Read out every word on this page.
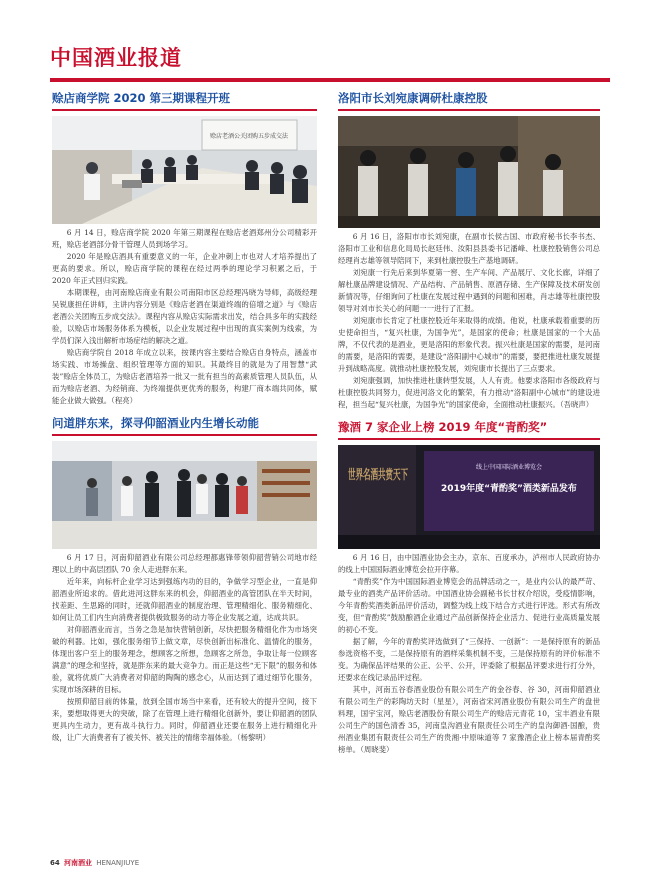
中国酒业报道
赊店商学院 2020 第三期课程开班
赊店老酒公关团购五步成交法

6 月 14 日，赊店商学院 2020 年第三期课程在赊店老酒郑州分公司精彩开班，赊店老酒部分骨干管理人员到场学习。

2020 年是赊店酒具有重要意义的一年，企业冲刺上市也对人才培养提出了更高的要求。所以，赊店商学院的课程在经过两季的理论学习积累之后，于 2020 年正式回归实践。

本期课程，由河南赊店商业有限公司南阳市区总经理冯晓为导师，高级经理吴锐康担任讲师，主讲内容分别是《赊店老酒在渠道终端的倍增之道》与《赊店老酒公关团购五步成交法》。课程内容从赊店实际需求出发，结合具多年的实践经验，以赊店市场服务体系为模板，以企业发展过程中出现的真实案例为线索，为学员们深入浅出解析市场症结的解决之道。

赊店商学院自 2018 年成立以来，按课内容主要结合赊店自身特点，涵盖市场实践、市场操盘、组织管理等方面的知识。其最终目的就是为了用智慧“武装”赊店全体员工，为赊店老酒培养一批又一批有担当的高素质管理人员队伍，从而为赊店老酒、为经销商、为终端提供更优秀的服务，构建厂商本端共同体，赋能企业做大做强。（程亮）

问道胖东来，探寻仰韶酒业内生增长动能

6 月 17 日，河南仰韶酒业有限公司总经理都惠锋带领仰韶营销公司地市经理以上的中高层团队 70 余人走进胖东来。

近年来，向标杆企业学习达到强练内功的目的，争做学习型企业，一直是仰韶酒业所追求的。借此进河这胖东来的机会，仰韶酒业的高管团队在半天时间，找差距、生思路的同时，还就仰韶酒业的制度治理、管理精细化、服务精细化、如何让员工们内生向消费者提供极致服务的动力等企业发展之道，达成共识。

对仰韶酒业而言，当务之急是加快营销创新，尽快把服务精细化作为市场突破的利器。比如，强化服务细节上做文章，尽快创新出标准化、温情化的服务，体现出客户至上的服务理念，想顾客之所想，急顾客之所急，争取让每一位顾客满意”的理念和坚持，就是胖东来的最大竞争力。而正是这些“无下限”的服务和体验，就将优质广大消费者对仰韶的陶陶的感念心，从而达到了通过细节化服务，实现市场深耕的目标。

按照仰韶目前的体量，放到全国市场当中来看，还有较大的提升空间，接下来，要想取得更大的突破，除了在管理上进行精细化创新外，要让仰韶酒的团队更具内生动力，更有战斗执行力。同时，仰韶酒业还要在服务上进行精细化升级，让广大消费者有了被关怀、被关注的情绪幸福体验。（杨黎明）

洛阳市长刘宛康调研杜康控股

6 月 16 日，洛阳市市长刘宛康，在副市长侯古国、市政府秘书长李书杰、洛阳市工业和信息化局局长赵廷伟、汝阳县县委书记潘峰、杜康控股销售公司总经理肖志雄等领导陪同下，来到杜康控股生产基地调研。

刘宛康一行先后来到华夏第一窖、生产车间、产品展厅、文化长廊，详细了解杜康品牌建设情况、产品结构、产品销售、原酒存储、生产保障及技术研发创新情况等，仔细询问了杜康在发展过程中遇到的问题和困难，肖志雄等杜康控股领导对刘市长关心的问题一一进行了汇报。

刘宛康市长肯定了杜康控股近年来取得的成绩。他说，杜康承载着重要的历史使命担当，“复兴杜康，为国争光”，是国家的使命；杜康是国家的一个大品牌，不仅代表的是酒业，更是洛阳的形象代表。振兴杜康是国家的需要，是河南的需要，是洛阳的需要，是建设“洛阳副中心城市”的需要，要把推进杜康发展提升到战略高度。就推动杜康控股发展，刘宛康市长提出了三点要求。

刘宛康强调，加快推进杜康转型发展，人人有责。他要求洛阳市各级政府与杜康控股共同努力，促进河洛文化的繁荣，有力推动“洛阳副中心城市”的建设进程，担当起“复兴杜康，为国争光”的国家使命，全面推动杜康振兴。（吾晓声）

豫酒 7 家企业上榜 2019 年度“青酌奖”
世界名酒共赏天下
线上中国国际酒业博览会
2019年度“青酌奖”酒类新品发布

6 月 16 日，由中国酒业协会主办，京东、百度承办，泸州市人民政府协办的线上中国国际酒业博览会拉开序幕。

“青酌奖”作为中国国际酒业博览会的品牌活动之一，是业内公认的最严苛、最专业的酒类产品评价活动。中国酒业协会副秘书长甘权介绍说，受疫情影响，今年青酌奖酒类新品评价活动，调整为线上线下结合方式进行评选。形式有所改变，但“青酌奖”鼓励酿酒企业通过产品创新保持企业活力、促进行业高质量发展的初心不变。

据了解，今年的青酌奖评选做到了“三保持、一创新”：一是保持原有的新品参选资格不变，二是保持原有的酒样采集机制不变，三是保持原有的评价标准不变。为确保品评结果的公正、公平、公开，评委除了根据品评要求进行打分外，还要求在线记录品评过程。

其中，河南五谷春酒业股份有限公司生产的金谷春、谷 30，河南仰韶酒业有限公司生产的彩陶坊天时（星星），河南省宋河酒业股份有限公司生产的盘世料理，国宇宝河，赊店老酒股份有限公司生产的赊店元青花 10，宝丰酒业有限公司生产的国色清香 35，河南皇沟酒业有限责任公司生产的皇沟御酒·国酿，贵州酒业集团有限责任公司生产的贵湘·中原味道等 7 家豫酒企业上榜本届青酌奖榜单。（周晓斐）

64 河南酒业 HENANJIUYE
